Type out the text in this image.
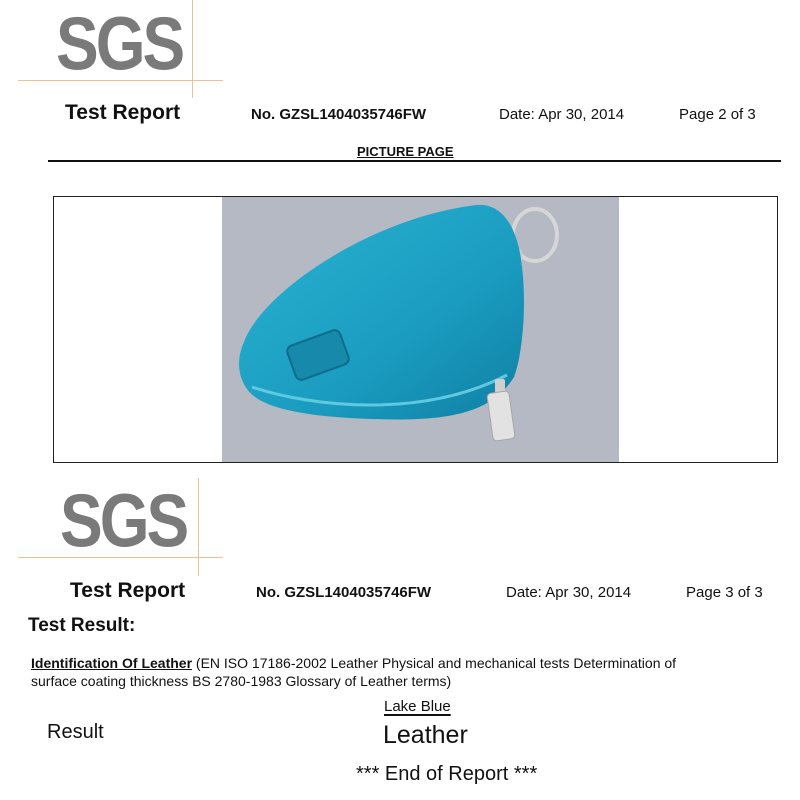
SGS
Test Report	No. GZSL1404035746FW	Date: Apr 30, 2014	Page 2 of 3
PICTURE PAGE
SGS
Test Report	No. GZSL1404035746FW	Date: Apr 30, 2014	Page 3 of 3
Test Result:
Identification Of Leather (EN ISO 17186-2002 Leather Physical and mechanical tests Determination of
surface coating thickness BS 2780-1983 Glossary of Leather terms)
Result
Lake Blue
Leather
*** End of Report ***
